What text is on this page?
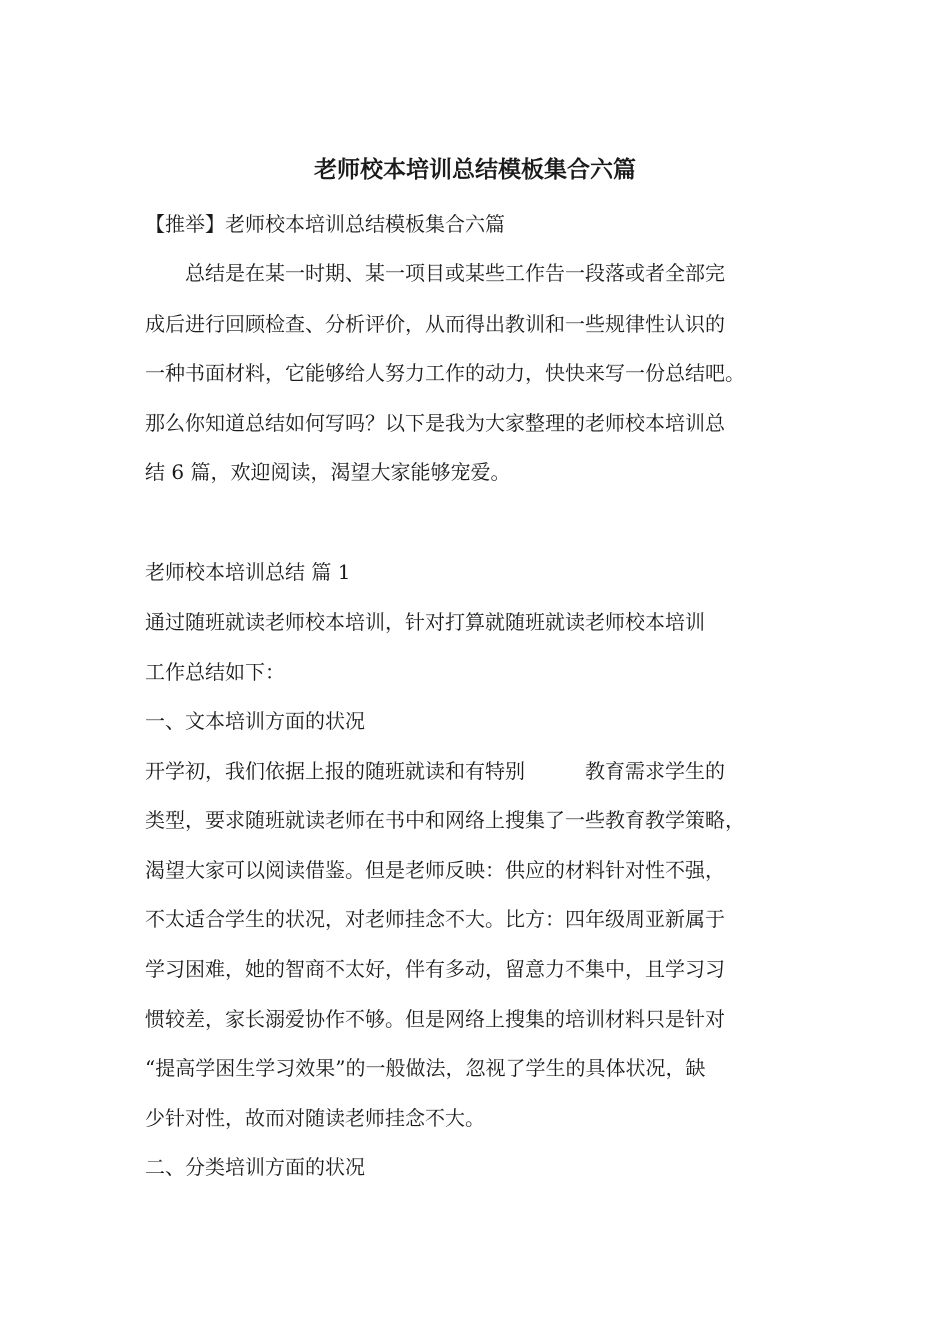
老师校本培训总结模板集合六篇

【推举】老师校本培训总结模板集合六篇

　　总结是在某一时期、某一项目或某些工作告一段落或者全部完

成后进行回顾检查、分析评价，从而得出教训和一些规律性认识的

一种书面材料，它能够给人努力工作的动力，快快来写一份总结吧。

那么你知道总结如何写吗？以下是我为大家整理的老师校本培训总

结 6 篇，欢迎阅读，渴望大家能够宠爱。

老师校本培训总结 篇 1

通过随班就读老师校本培训，针对打算就随班就读老师校本培训

工作总结如下：

一、文本培训方面的状况

开学初，我们依据上报的随班就读和有特别　　　教育需求学生的

类型，要求随班就读老师在书中和网络上搜集了一些教育教学策略，

渴望大家可以阅读借鉴。但是老师反映：供应的材料针对性不强，

不太适合学生的状况，对老师挂念不大。比方：四年级周亚新属于

学习困难，她的智商不太好，伴有多动，留意力不集中，且学习习

惯较差，家长溺爱协作不够。但是网络上搜集的培训材料只是针对

“提高学困生学习效果”的一般做法，忽视了学生的具体状况，缺

少针对性，故而对随读老师挂念不大。

二、分类培训方面的状况
